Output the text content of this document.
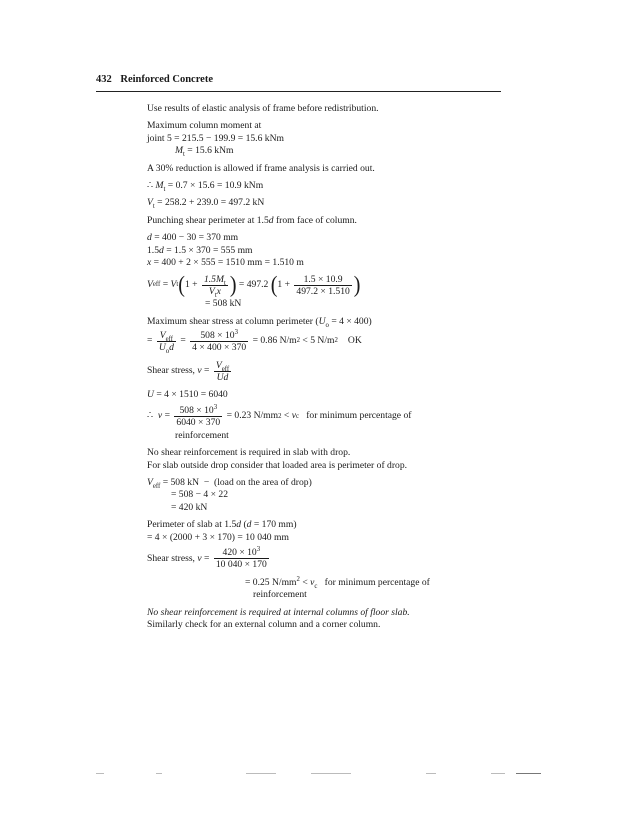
432 Reinforced Concrete

Use results of elastic analysis of frame before redistribution.

Maximum column moment at

joint 5 = 215.5 − 199.9 = 15.6 kNm

$M_t = 15.6$ kNm

A 30% reduction is allowed if frame analysis is carried out.

∴ $M_t = 0.7 \times 15.6 = 10.9$ kNm

$V_t = 258.2 + 239.0 = 497.2$ kN

Punching shear perimeter at 1.5d from face of column.

d = 400 − 30 = 370 mm

1.5d = 1.5 × 370 = 555 mm

x = 400 + 2 × 555 = 1510 mm = 1.510 m

V eff = V t ( $1 + \frac{1.5M_t}{V_tx}$ ) = 497.2 ( $1 + \frac{1.5 \times 10.9}{497.2 \times 1.510}$ )

= 508 kN

Maximum shear stress at column perimeter $(U_o = 4 \times 400)$

= $\frac{V_{eff}}{U_od} = \frac{508 \times 10^3}{4 \times 400 \times 370} = 0.86$ N/m 2 < 5 N/m 2 OK
Shear stress, $v = \frac{V_{eff}}{Ud}$

U = 4 × 1510 = 6040

∴ $v = \frac{508 \times 10^3}{6040 \times 370} = 0.23$ N/mm 2 < v c for minimum percentage of

reinforcement

No shear reinforcement is required in slab with drop.

For slab outside drop consider that loaded area is perimeter of drop.

$V_{eff} = 508$ kN  −  (load on the area of drop)

= 508 − 4 × 22

= 420 kN

Perimeter of slab at 1.5d (d = 170 mm)

= 4 × (2000 + 3 × 170) = 10 040 mm

Shear stress, $v = \frac{420 \times 10^3}{10 040 \times 170}$

= 0.25 $N/mm^2 < v_c$   for minimum percentage of

reinforcement

No shear reinforcement is required at internal columns of floor slab.

Similarly check for an external column and a corner column.
